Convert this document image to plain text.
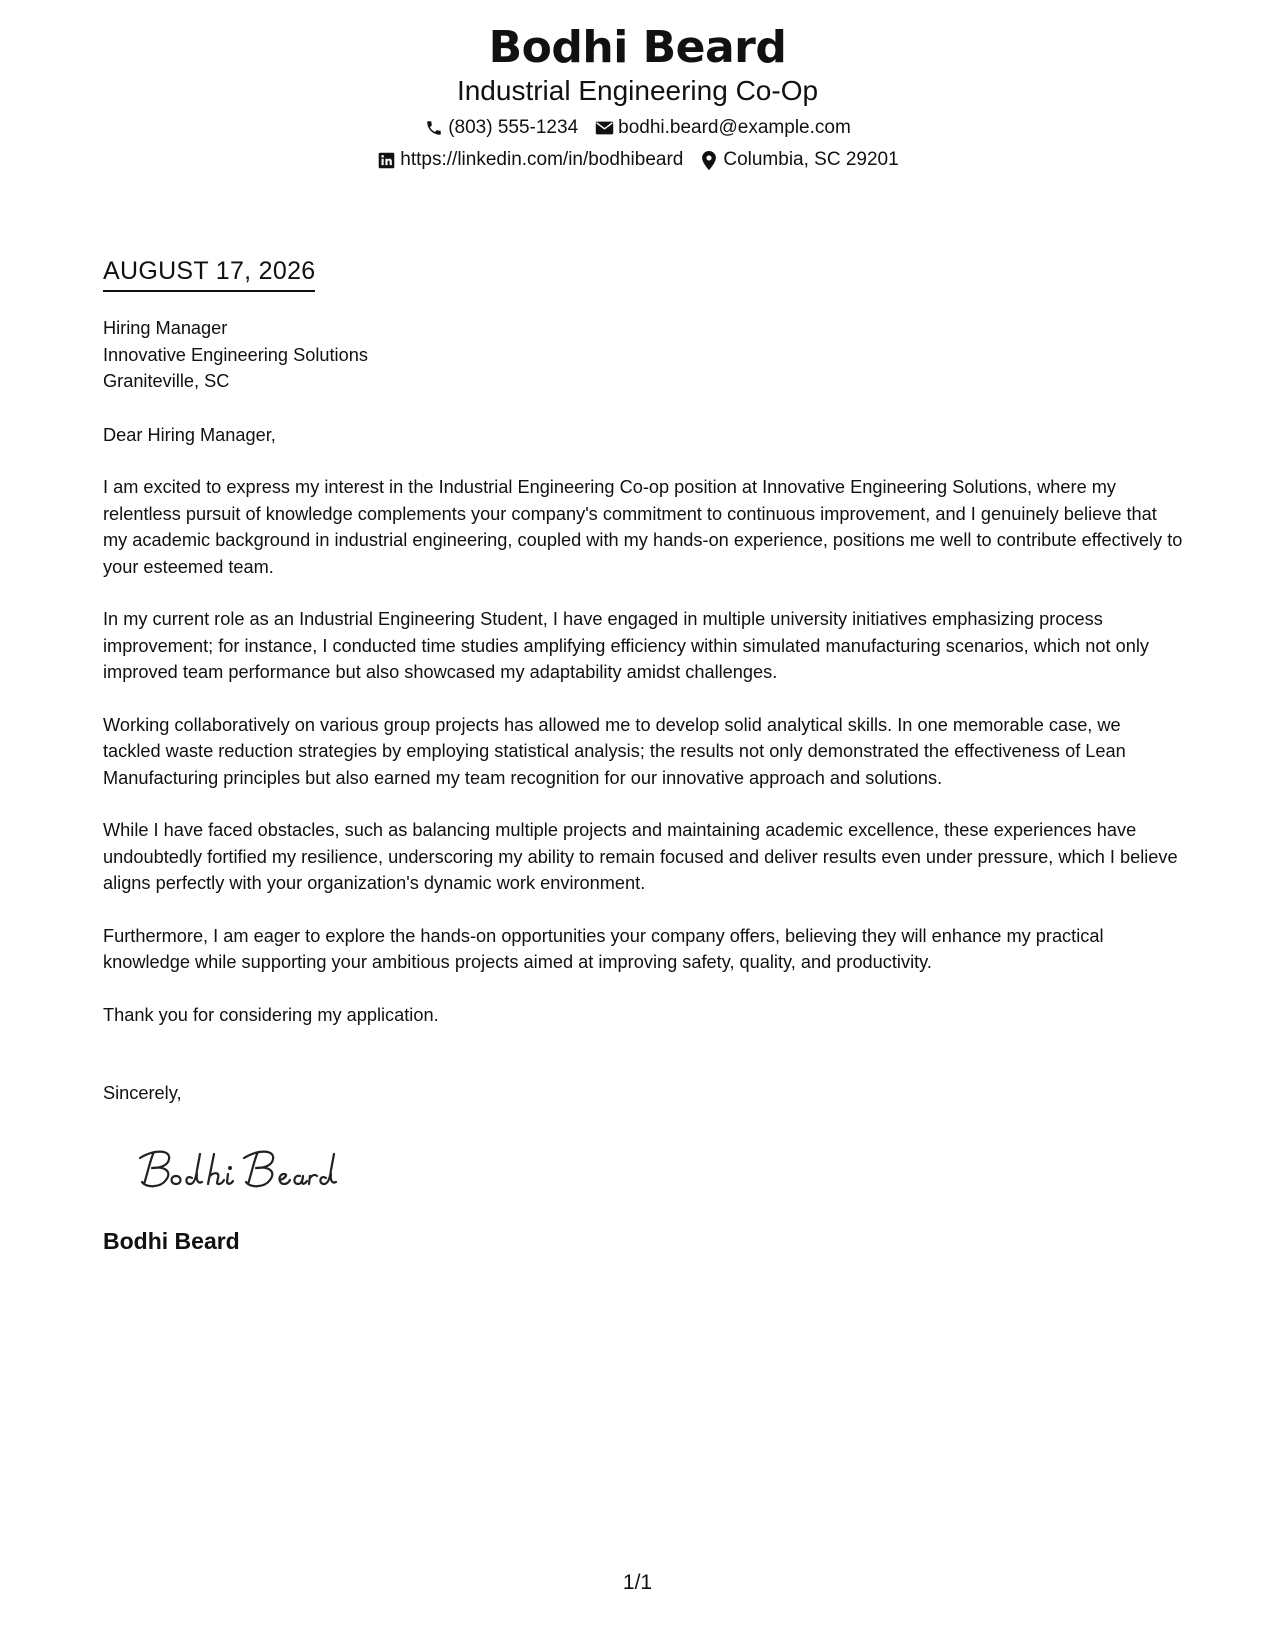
Bodhi Beard
Industrial Engineering Co-Op
(803) 555-1234 bodhi.beard@example.com
https://linkedin.com/in/bodhibeard Columbia, SC 29201
AUGUST 17, 2026
Hiring Manager
Innovative Engineering Solutions
Graniteville, SC
Dear Hiring Manager,
I am excited to express my interest in the Industrial Engineering Co-op position at Innovative Engineering Solutions, where my relentless pursuit of knowledge complements your company's commitment to continuous improvement, and I genuinely believe that my academic background in industrial engineering, coupled with my hands-on experience, positions me well to contribute effectively to your esteemed team.
In my current role as an Industrial Engineering Student, I have engaged in multiple university initiatives emphasizing process improvement; for instance, I conducted time studies amplifying efficiency within simulated manufacturing scenarios, which not only improved team performance but also showcased my adaptability amidst challenges.
Working collaboratively on various group projects has allowed me to develop solid analytical skills. In one memorable case, we tackled waste reduction strategies by employing statistical analysis; the results not only demonstrated the effectiveness of Lean Manufacturing principles but also earned my team recognition for our innovative approach and solutions.
While I have faced obstacles, such as balancing multiple projects and maintaining academic excellence, these experiences have undoubtedly fortified my resilience, underscoring my ability to remain focused and deliver results even under pressure, which I believe aligns perfectly with your organization's dynamic work environment.
Furthermore, I am eager to explore the hands-on opportunities your company offers, believing they will enhance my practical knowledge while supporting your ambitious projects aimed at improving safety, quality, and productivity.
Thank you for considering my application.
Sincerely,
Bodhi Beard
1/1
